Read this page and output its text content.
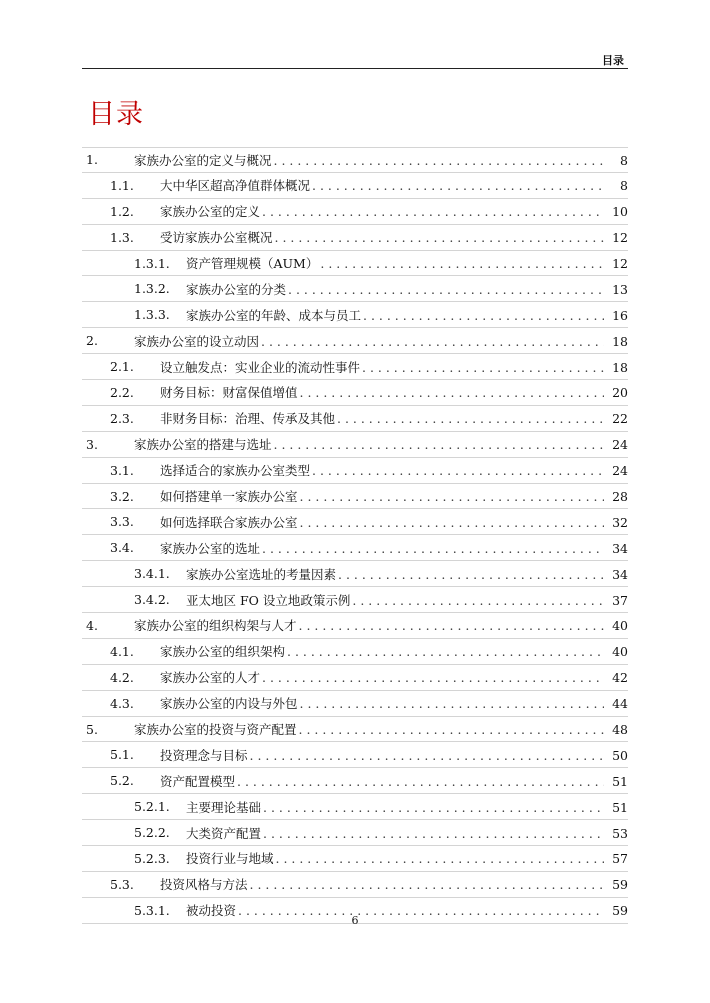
目录
目录
1.	家族办公室的定义与概况 . . .	8
1.1. 大中华区超高净值群体概况 . . .	8
1.2. 家族办公室的定义 . . .	10
1.3. 受访家族办公室概况 . . .	12
1.3.1. 资产管理规模（AUM） . . .	12
1.3.2. 家族办公室的分类 . . .	13
1.3.3. 家族办公室的年龄、成本与员工 . . .	16
2.	家族办公室的设立动因 . . .	18
2.1. 设立触发点：实业企业的流动性事件 . . .	18
2.2. 财务目标：财富保值增值 . . .	20
2.3. 非财务目标：治理、传承及其他 . . .	22
3.	家族办公室的搭建与选址 . . .	24
3.1. 选择适合的家族办公室类型 . . .	24
3.2. 如何搭建单一家族办公室 . . .	28
3.3. 如何选择联合家族办公室 . . .	32
3.4. 家族办公室的选址 . . .	34
3.4.1. 家族办公室选址的考量因素 . . .	34
3.4.2. 亚太地区 FO 设立地政策示例 . . .	37
4.	家族办公室的组织构架与人才 . . .	40
4.1. 家族办公室的组织架构 . . .	40
4.2. 家族办公室的人才 . . .	42
4.3. 家族办公室的内设与外包 . . .	44
5.	家族办公室的投资与资产配置 . . .	48
5.1. 投资理念与目标 . . .	50
5.2. 资产配置模型 . . .	51
5.2.1. 主要理论基础 . . .	51
5.2.2. 大类资产配置 . . .	53
5.2.3. 投资行业与地域 . . .	57
5.3. 投资风格与方法 . . .	59
5.3.1. 被动投资 . . .	59
6
